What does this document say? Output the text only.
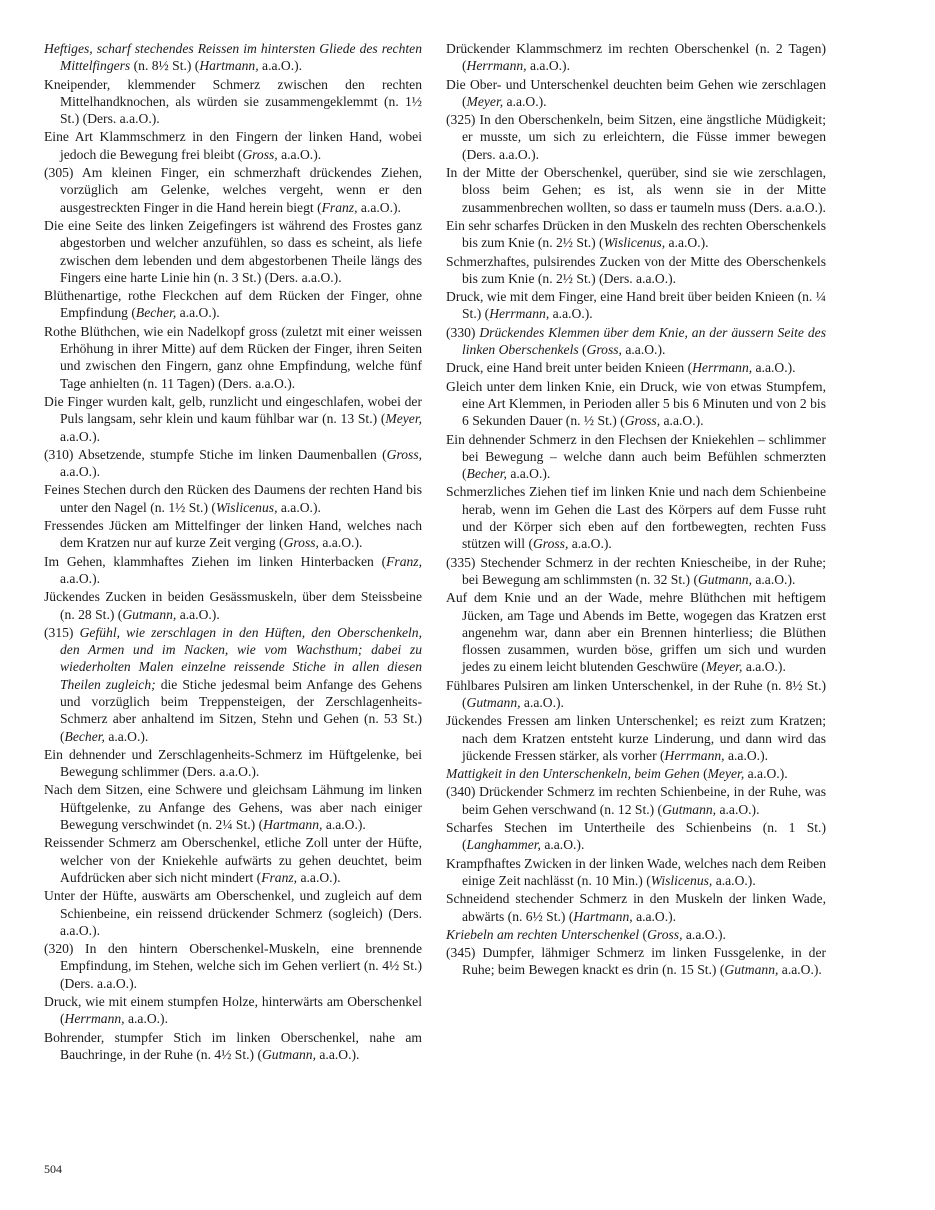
Heftiges, scharf stechendes Reissen im hintersten Gliede des rechten Mittelfingers (n. 8½ St.) (Hartmann, a.a.O.).

Kneipender, klemmender Schmerz zwischen den rechten Mittelhandknochen, als würden sie zusammengeklemmt (n. 1½ St.) (Ders. a.a.O.).

Eine Art Klammschmerz in den Fingern der linken Hand, wobei jedoch die Bewegung frei bleibt (Gross, a.a.O.).

(305) Am kleinen Finger, ein schmerzhaft drückendes Ziehen, vorzüglich am Gelenke, welches vergeht, wenn er den ausgestreckten Finger in die Hand herein biegt (Franz, a.a.O.).

Die eine Seite des linken Zeigefingers ist während des Frostes ganz abgestorben und welcher anzufühlen, so dass es scheint, als liefe zwischen dem lebenden und dem abgestorbenen Theile längs des Fingers eine harte Linie hin (n. 3 St.) (Ders. a.a.O.).

Blüthenartige, rothe Fleckchen auf dem Rücken der Finger, ohne Empfindung (Becher, a.a.O.).

Rothe Blüthchen, wie ein Nadelkopf gross (zuletzt mit einer weissen Erhöhung in ihrer Mitte) auf dem Rücken der Finger, ihren Seiten und zwischen den Fingern, ganz ohne Empfindung, welche fünf Tage anhielten (n. 11 Tagen) (Ders. a.a.O.).

Die Finger wurden kalt, gelb, runzlicht und eingeschlafen, wobei der Puls langsam, sehr klein und kaum fühlbar war (n. 13 St.) (Meyer, a.a.O.).

(310) Absetzende, stumpfe Stiche im linken Daumenballen (Gross, a.a.O.).

Feines Stechen durch den Rücken des Daumens der rechten Hand bis unter den Nagel (n. 1½ St.) (Wislicenus, a.a.O.).

Fressendes Jücken am Mittelfinger der linken Hand, welches nach dem Kratzen nur auf kurze Zeit verging (Gross, a.a.O.).

Im Gehen, klammhaftes Ziehen im linken Hinterbacken (Franz, a.a.O.).

Jückendes Zucken in beiden Gesässmuskeln, über dem Steissbeine (n. 28 St.) (Gutmann, a.a.O.).

(315) Gefühl, wie zerschlagen in den Hüften, den Oberschenkeln, den Armen und im Nacken, wie vom Wachsthum; dabei zu wiederholten Malen einzelne reissende Stiche in allen diesen Theilen zugleich; die Stiche jedesmal beim Anfange des Gehens und vorzüglich beim Treppensteigen, der Zerschlagenheits-Schmerz aber anhaltend im Sitzen, Stehn und Gehen (n. 53 St.) (Becher, a.a.O.).

Ein dehnender und Zerschlagenheits-Schmerz im Hüftgelenke, bei Bewegung schlimmer (Ders. a.a.O.).

Nach dem Sitzen, eine Schwere und gleichsam Lähmung im linken Hüftgelenke, zu Anfange des Gehens, was aber nach einiger Bewegung verschwindet (n. 2¼ St.) (Hartmann, a.a.O.).

Reissender Schmerz am Oberschenkel, etliche Zoll unter der Hüfte, welcher von der Kniekehle aufwärts zu gehen deuchtet, beim Aufdrücken aber sich nicht mindert (Franz, a.a.O.).

Unter der Hüfte, auswärts am Oberschenkel, und zugleich auf dem Schienbeine, ein reissend drückender Schmerz (sogleich) (Ders. a.a.O.).

(320) In den hintern Oberschenkel-Muskeln, eine brennende Empfindung, im Stehen, welche sich im Gehen verliert (n. 4½ St.) (Ders. a.a.O.).

Druck, wie mit einem stumpfen Holze, hinterwärts am Oberschenkel (Herrmann, a.a.O.).

Bohrender, stumpfer Stich im linken Oberschenkel, nahe am Bauchringe, in der Ruhe (n. 4½ St.) (Gutmann, a.a.O.).

Drückender Klammschmerz im rechten Oberschenkel (n. 2 Tagen) (Herrmann, a.a.O.).

Die Ober- und Unterschenkel deuchten beim Gehen wie zerschlagen (Meyer, a.a.O.).

(325) In den Oberschenkeln, beim Sitzen, eine ängstliche Müdigkeit; er musste, um sich zu erleichtern, die Füsse immer bewegen (Ders. a.a.O.).

In der Mitte der Oberschenkel, querüber, sind sie wie zerschlagen, bloss beim Gehen; es ist, als wenn sie in der Mitte zusammenbrechen wollten, so dass er taumeln muss (Ders. a.a.O.).

Ein sehr scharfes Drücken in den Muskeln des rechten Oberschenkels bis zum Knie (n. 2½ St.) (Wislicenus, a.a.O.).

Schmerzhaftes, pulsirendes Zucken von der Mitte des Oberschenkels bis zum Knie (n. 2½ St.) (Ders. a.a.O.).

Druck, wie mit dem Finger, eine Hand breit über beiden Knieen (n. ¼ St.) (Herrmann, a.a.O.).

(330) Drückendes Klemmen über dem Knie, an der äussern Seite des linken Oberschenkels (Gross, a.a.O.).

Druck, eine Hand breit unter beiden Knieen (Herrmann, a.a.O.).

Gleich unter dem linken Knie, ein Druck, wie von etwas Stumpfem, eine Art Klemmen, in Perioden aller 5 bis 6 Minuten und von 2 bis 6 Sekunden Dauer (n. ½ St.) (Gross, a.a.O.).

Ein dehnender Schmerz in den Flechsen der Kniekehlen – schlimmer bei Bewegung – welche dann auch beim Befühlen schmerzten (Becher, a.a.O.).

Schmerzliches Ziehen tief im linken Knie und nach dem Schienbeine herab, wenn im Gehen die Last des Körpers auf dem Fusse ruht und der Körper sich eben auf den fortbewegten, rechten Fuss stützen will (Gross, a.a.O.).

(335) Stechender Schmerz in der rechten Kniescheibe, in der Ruhe; bei Bewegung am schlimmsten (n. 32 St.) (Gutmann, a.a.O.).

Auf dem Knie und an der Wade, mehre Blüthchen mit heftigem Jücken, am Tage und Abends im Bette, wogegen das Kratzen erst angenehm war, dann aber ein Brennen hinterliess; die Blüthen flossen zusammen, wurden böse, griffen um sich und wurden jedes zu einem leicht blutenden Geschwüre (Meyer, a.a.O.).

Fühlbares Pulsiren am linken Unterschenkel, in der Ruhe (n. 8½ St.) (Gutmann, a.a.O.).

Jückendes Fressen am linken Unterschenkel; es reizt zum Kratzen; nach dem Kratzen entsteht kurze Linderung, und dann wird das jückende Fressen stärker, als vorher (Herrmann, a.a.O.).

Mattigkeit in den Unterschenkeln, beim Gehen (Meyer, a.a.O.).

(340) Drückender Schmerz im rechten Schienbeine, in der Ruhe, was beim Gehen verschwand (n. 12 St.) (Gutmann, a.a.O.).

Scharfes Stechen im Untertheile des Schienbeins (n. 1 St.) (Langhammer, a.a.O.).

Krampfhaftes Zwicken in der linken Wade, welches nach dem Reiben einige Zeit nachlässt (n. 10 Min.) (Wislicenus, a.a.O.).

Schneidend stechender Schmerz in den Muskeln der linken Wade, abwärts (n. 6½ St.) (Hartmann, a.a.O.).

Kriebeln am rechten Unterschenkel (Gross, a.a.O.).

(345) Dumpfer, lähmiger Schmerz im linken Fussgelenke, in der Ruhe; beim Bewegen knackt es drin (n. 15 St.) (Gutmann, a.a.O.).

504
